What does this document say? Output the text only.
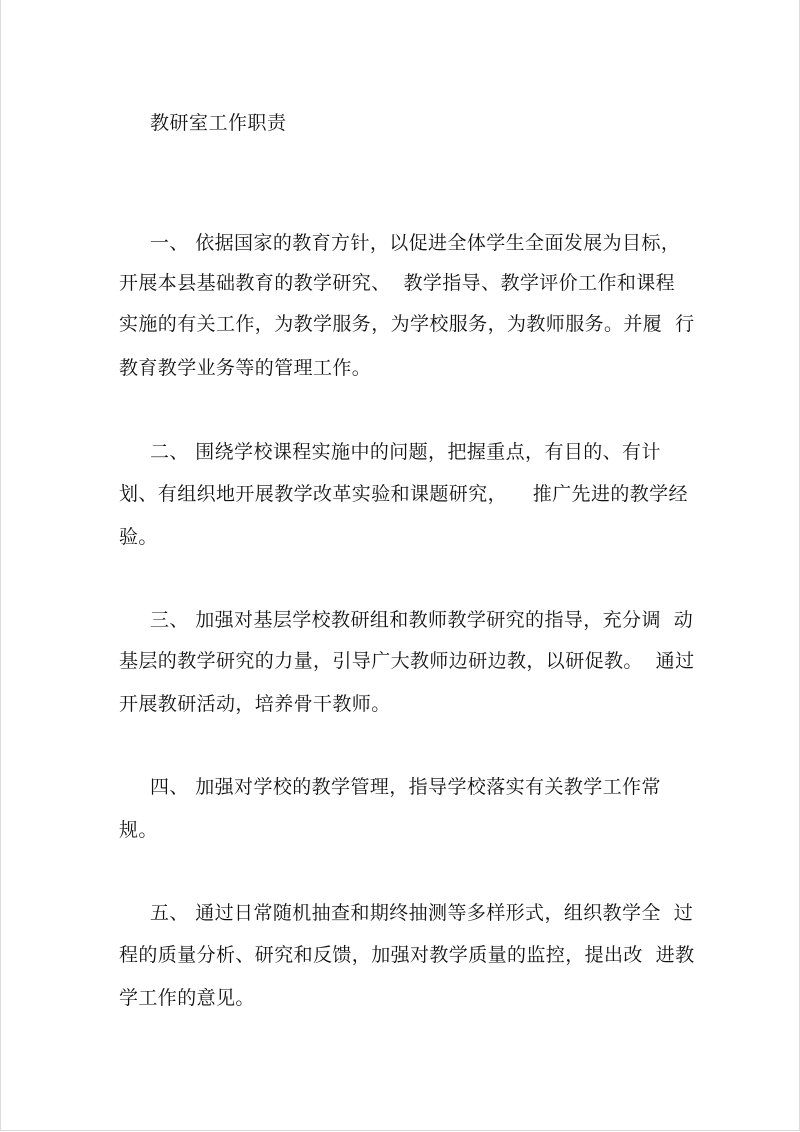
教研室工作职责
一、 依据国家的教育方针，以促进全体学生全面发展为目标，
开展本县基础教育的教学研究、  教学指导、教学评价工作和课程
实施的有关工作，为教学服务，为学校服务，为教师服务。并履  行
教育教学业务等的管理工作。
二、 围绕学校课程实施中的问题，把握重点，有目的、有计
划、有组织地开展教学改革实验和课题研究，    推广先进的教学经
验。
三、 加强对基层学校教研组和教师教学研究的指导，充分调  动
基层的教学研究的力量，引导广大教师边研边教，以研促教。  通过
开展教研活动，培养骨干教师。
四、 加强对学校的教学管理，指导学校落实有关教学工作常
规。
五、 通过日常随机抽查和期终抽测等多样形式，组织教学全  过
程的质量分析、研究和反馈，加强对教学质量的监控，提出改  进教
学工作的意见。
